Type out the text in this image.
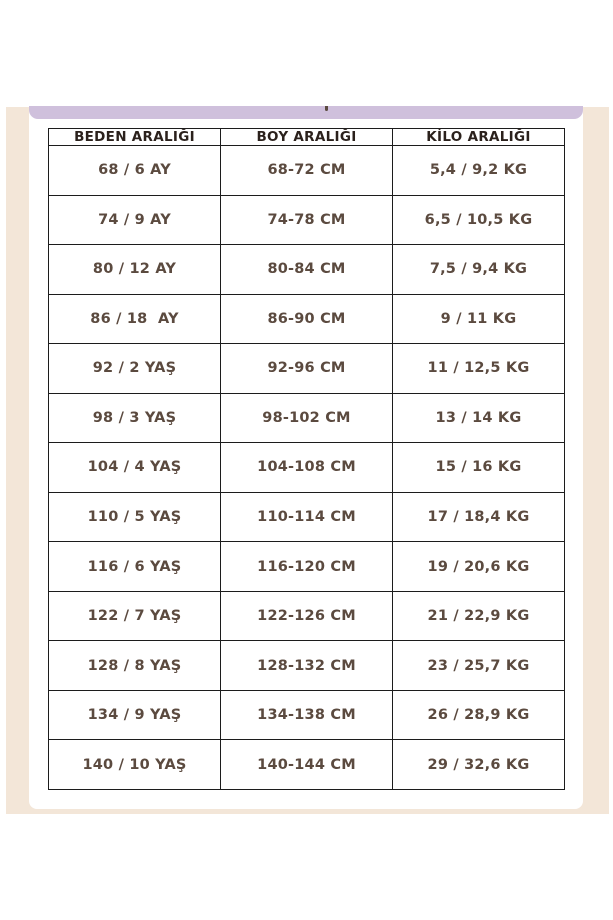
BEDEN ARALIĞI	BOY ARALIĞI	KİLO ARALIĞI
68 / 6 AY	68-72 CM	5,4 / 9,2 KG
74 / 9 AY	74-78 CM	6,5 / 10,5 KG
80 / 12 AY	80-84 CM	7,5 / 9,4 KG
86 / 18  AY	86-90 CM	9 / 11 KG
92 / 2 YAŞ	92-96 CM	11 / 12,5 KG
98 / 3 YAŞ	98-102 CM	13 / 14 KG
104 / 4 YAŞ	104-108 CM	15 / 16 KG
110 / 5 YAŞ	110-114 CM	17 / 18,4 KG
116 / 6 YAŞ	116-120 CM	19 / 20,6 KG
122 / 7 YAŞ	122-126 CM	21 / 22,9 KG
128 / 8 YAŞ	128-132 CM	23 / 25,7 KG
134 / 9 YAŞ	134-138 CM	26 / 28,9 KG
140 / 10 YAŞ	140-144 CM	29 / 32,6 KG
